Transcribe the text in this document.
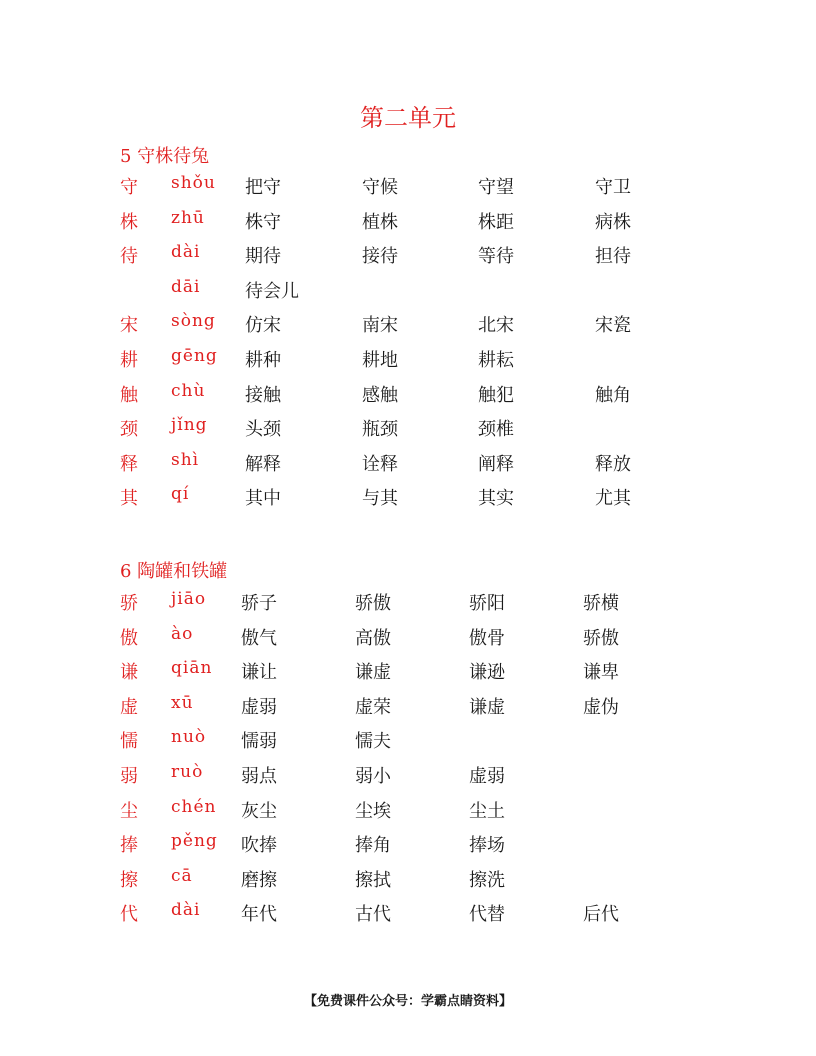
第二单元
5 守株待兔
守 shǒu 把守	守候	守望	守卫
株 zhū 株守	植株	株距	病株
待 dài 期待	接待	等待	担待
dāi 待会儿
宋 sòng 仿宋	南宋	北宋	宋瓷
耕 gēng 耕种	耕地	耕耘
触 chù 接触	感触	触犯	触角
颈 jǐng 头颈	瓶颈	颈椎
释 shì	解释	诠释	阐释	释放
其 qí	其中	与其	其实	尤其
6 陶罐和铁罐
骄 jiāo 骄子	骄傲	骄阳	骄横
傲 ào	傲气	高傲	傲骨	骄傲
谦 qiān 谦让	谦虚	谦逊	谦卑
虚 xū	虚弱	虚荣	谦虚	虚伪
懦 nuò 懦弱	懦夫
弱 ruò 弱点	弱小	虚弱
尘 chén 灰尘	尘埃	尘土
捧 pěng 吹捧	捧角	捧场
擦 cā	磨擦	擦拭	擦洗
代 dài 年代	古代	代替	后代
【免费课件公众号：学霸点睛资料】
